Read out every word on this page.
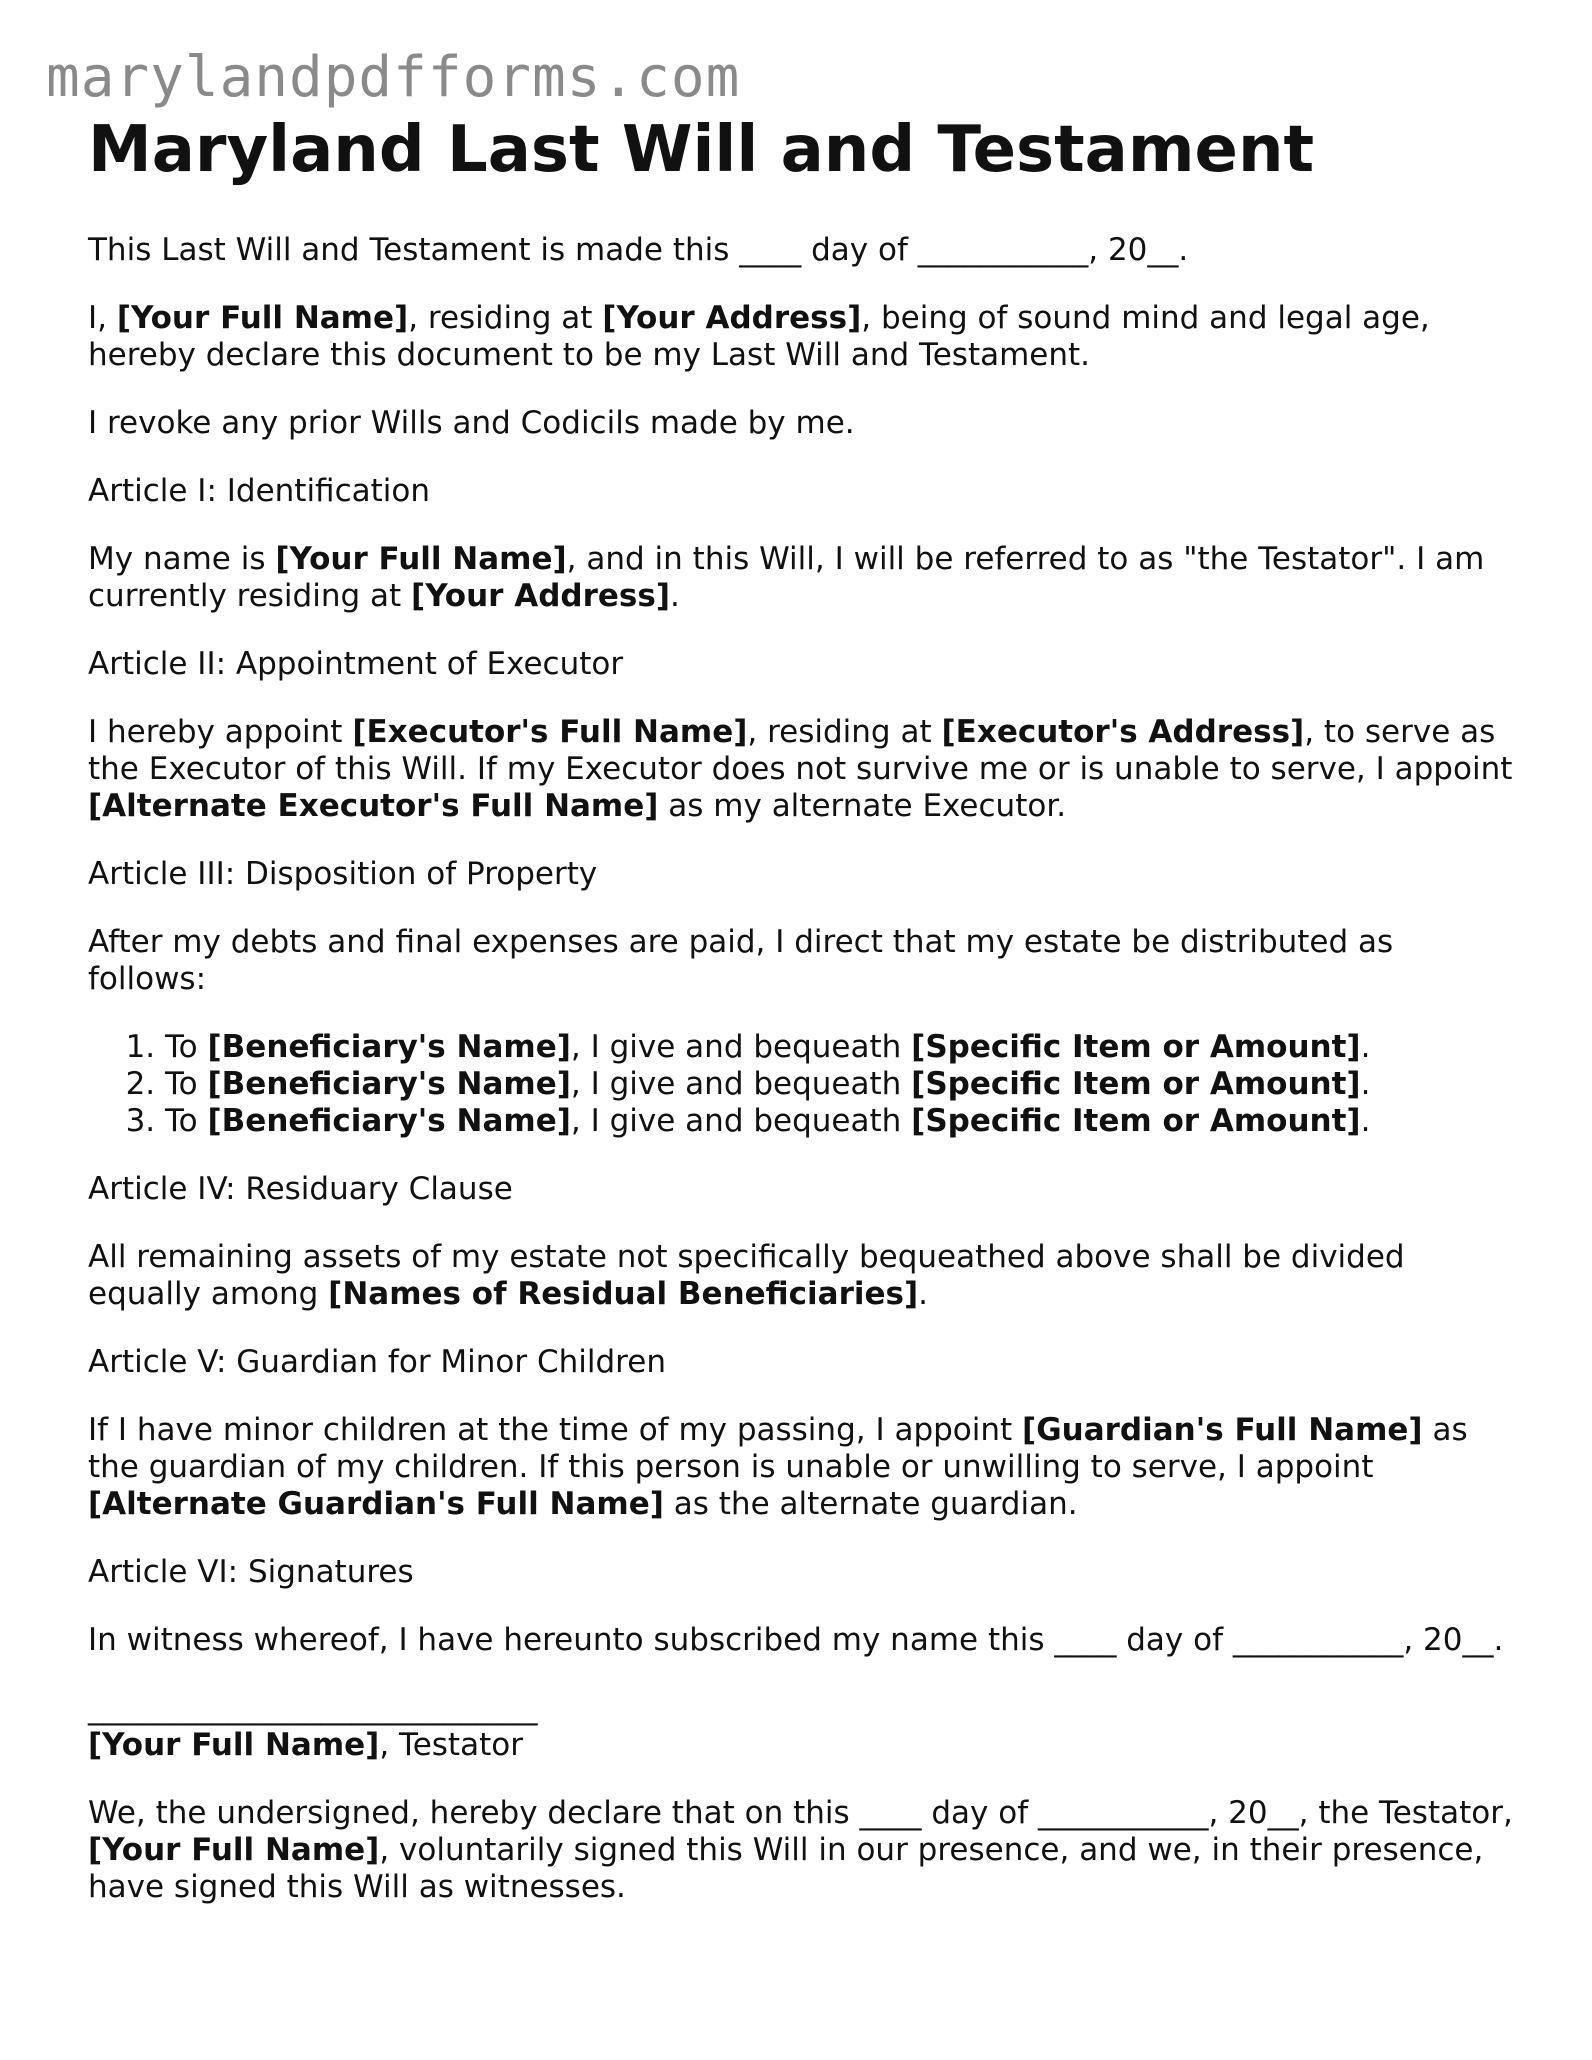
marylandpdfforms.com
Maryland Last Will and Testament

This Last Will and Testament is made this ____ day of ___________, 20__.

I, [Your Full Name], residing at [Your Address], being of sound mind and legal age, hereby declare this document to be my Last Will and Testament.

I revoke any prior Wills and Codicils made by me.

Article I: Identification

My name is [Your Full Name], and in this Will, I will be referred to as "the Testator". I am currently residing at [Your Address].

Article II: Appointment of Executor

I hereby appoint [Executor's Full Name], residing at [Executor's Address], to serve as the Executor of this Will. If my Executor does not survive me or is unable to serve, I appoint [Alternate Executor's Full Name] as my alternate Executor.

Article III: Disposition of Property

After my debts and final expenses are paid, I direct that my estate be distributed as follows:

1. To [Beneficiary's Name], I give and bequeath [Specific Item or Amount].
2. To [Beneficiary's Name], I give and bequeath [Specific Item or Amount].
3. To [Beneficiary's Name], I give and bequeath [Specific Item or Amount].

Article IV: Residuary Clause

All remaining assets of my estate not specifically bequeathed above shall be divided equally among [Names of Residual Beneficiaries].

Article V: Guardian for Minor Children

If I have minor children at the time of my passing, I appoint [Guardian's Full Name] as the guardian of my children. If this person is unable or unwilling to serve, I appoint [Alternate Guardian's Full Name] as the alternate guardian.

Article VI: Signatures

In witness whereof, I have hereunto subscribed my name this ____ day of ___________, 20__.

_____________________________

[Your Full Name], Testator

We, the undersigned, hereby declare that on this ____ day of ___________, 20__, the Testator, [Your Full Name], voluntarily signed this Will in our presence, and we, in their presence, have signed this Will as witnesses.
